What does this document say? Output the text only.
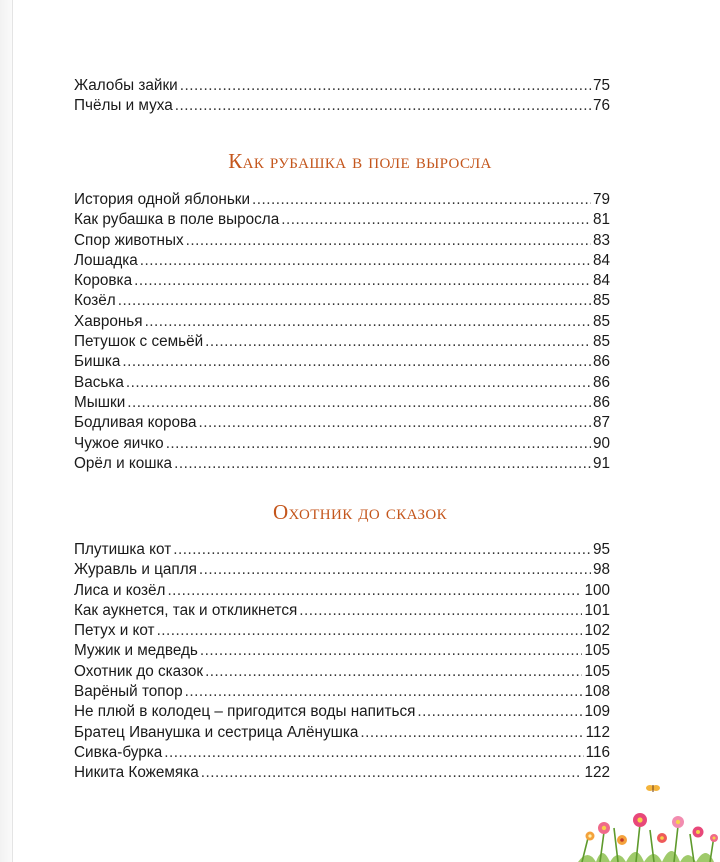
Жалобы зайки .....	75
Пчёлы и муха .....	76
Как рубашка в поле выросла
История одной яблоньки .....	79
Как рубашка в поле выросла .....	81
Спор животных .....	83
Лошадка .....	84
Коровка .....	84
Козёл .....	85
Хавронья .....	85
Петушок с семьёй .....	85
Бишка .....	86
Васька .....	86
Мышки .....	86
Бодливая корова .....	87
Чужое яичко .....	90
Орёл и кошка .....	91
Охотник до сказок
Плутишка кот .....	95
Журавль и цапля .....	98
Лиса и козёл .....	100
Как аукнется, так и откликнется .....	101
Петух и кот .....	102
Мужик и медведь .....	105
Охотник до сказок .....	105
Варёный топор .....	108
Не плюй в колодец – пригодится воды напиться .....	109
Братец Иванушка и сестрица Алёнушка .....	112
Сивка-бурка .....	116
Никита Кожемяка .....	122
